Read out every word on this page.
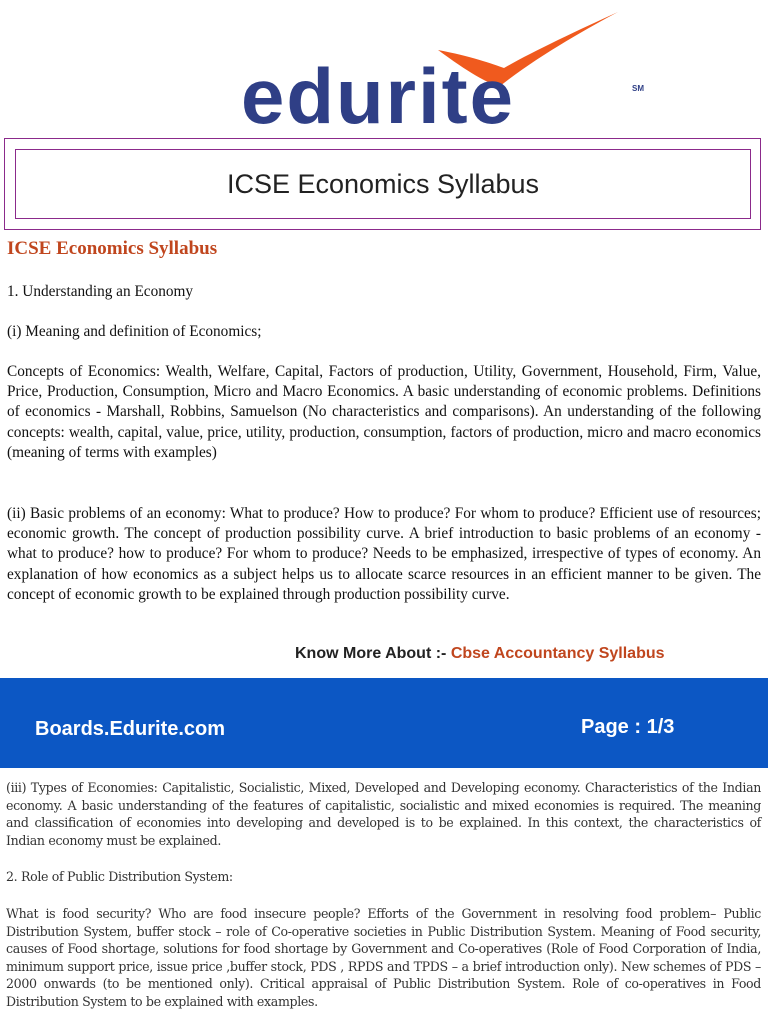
edurite	SM
ICSE Economics Syllabus
ICSE Economics Syllabus

1. Understanding an Economy

(i) Meaning and definition of Economics;

Concepts of Economics: Wealth, Welfare, Capital, Factors of production, Utility, Government, Household, Firm, Value, Price, Production, Consumption, Micro and Macro Economics. A basic understanding of economic problems. Definitions of economics - Marshall, Robbins, Samuelson (No characteristics and comparisons). An understanding of the following concepts: wealth, capital, value, price, utility, production, consumption, factors of production, micro and macro economics (meaning of terms with examples)

(ii) Basic problems of an economy: What to produce? How to produce? For whom to produce? Efficient use of resources; economic growth. The concept of production possibility curve. A brief introduction to basic problems of an economy - what to produce? how to produce? For whom to produce? Needs to be emphasized, irrespective of types of economy. An explanation of how economics as a subject helps us to allocate scarce resources in an efficient manner to be given. The concept of economic growth to be explained through production possibility curve.

Know More About :- Cbse Accountancy Syllabus
Boards.Edurite.com	Page : 1/3

(iii) Types of Economies: Capitalistic, Socialistic, Mixed, Developed and Developing economy. Characteristics of the Indian economy. A basic understanding of the features of capitalistic, socialistic and mixed economies is required. The meaning and classification of economies into developing and developed is to be explained. In this context, the characteristics of Indian economy must be explained.

2. Role of Public Distribution System:

What is food security? Who are food insecure people? Efforts of the Government in resolving food problem– Public Distribution System, buffer stock – role of Co-operative societies in Public Distribution System. Meaning of Food security, causes of Food shortage, solutions for food shortage by Government and Co-operatives (Role of Food Corporation of India, minimum support price, issue price ,buffer stock, PDS , RPDS and TPDS – a brief introduction only). New schemes of PDS – 2000 onwards (to be mentioned only). Critical appraisal of Public Distribution System. Role of co-operatives in Food Distribution System to be explained with examples.
